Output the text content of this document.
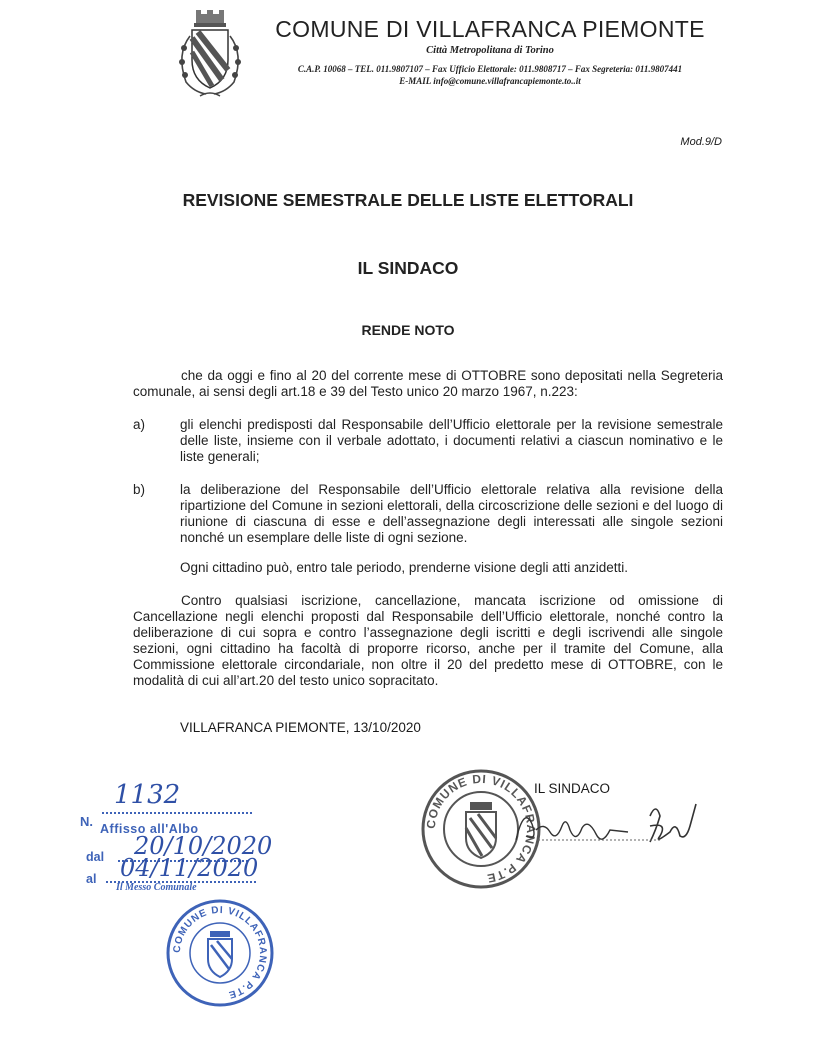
COMUNE DI VILLAFRANCA PIEMONTE
Città Metropolitana di Torino
C.A.P. 10068 – TEL. 011.9807107 – Fax Ufficio Elettorale: 011.9808717 – Fax Segreteria: 011.9807441
E-MAIL info@comune.villafrancapiemonte.to..it
Mod.9/D
REVISIONE SEMESTRALE DELLE LISTE ELETTORALI
IL SINDACO
RENDE NOTO
che da oggi e fino al 20 del corrente mese di OTTOBRE sono depositati nella Segreteria comunale, ai sensi degli art.18 e 39 del Testo unico 20 marzo 1967, n.223:
a)	gli elenchi predisposti dal Responsabile dell’Ufficio elettorale per la revisione semestrale delle liste, insieme con il verbale adottato, i documenti relativi a ciascun nominativo e le liste generali;
b)	la deliberazione del Responsabile dell’Ufficio elettorale relativa alla revisione della ripartizione del Comune in sezioni elettorali, della circoscrizione delle sezioni e del luogo di riunione di ciascuna di esse e dell’assegnazione degli interessati alle singole sezioni nonché un esemplare delle liste di ogni sezione.
Ogni cittadino può, entro tale periodo, prenderne visione degli atti anzidetti.
Contro qualsiasi iscrizione, cancellazione, mancata iscrizione od omissione di Cancellazione negli elenchi proposti dal Responsabile dell’Ufficio elettorale, nonché contro la deliberazione di cui sopra e contro l’assegnazione degli iscritti e degli iscrivendi alle singole sezioni, ogni cittadino ha facoltà di proporre ricorso, anche per il tramite del Comune, alla Commissione elettorale circondariale, non oltre il 20 del predetto mese di OTTOBRE, con le modalità di cui all’art.20 del testo unico sopracitato.
VILLAFRANCA PIEMONTE, 13/10/2020
COMUNE DI VILLAFRANCA P.TE
IL SINDACO
N.
1132
Affisso all'Albo
dal 20/10/2020
al 04/11/2020
Il Messo Comunale
COMUNE DI VILLAFRANCA P.TE
